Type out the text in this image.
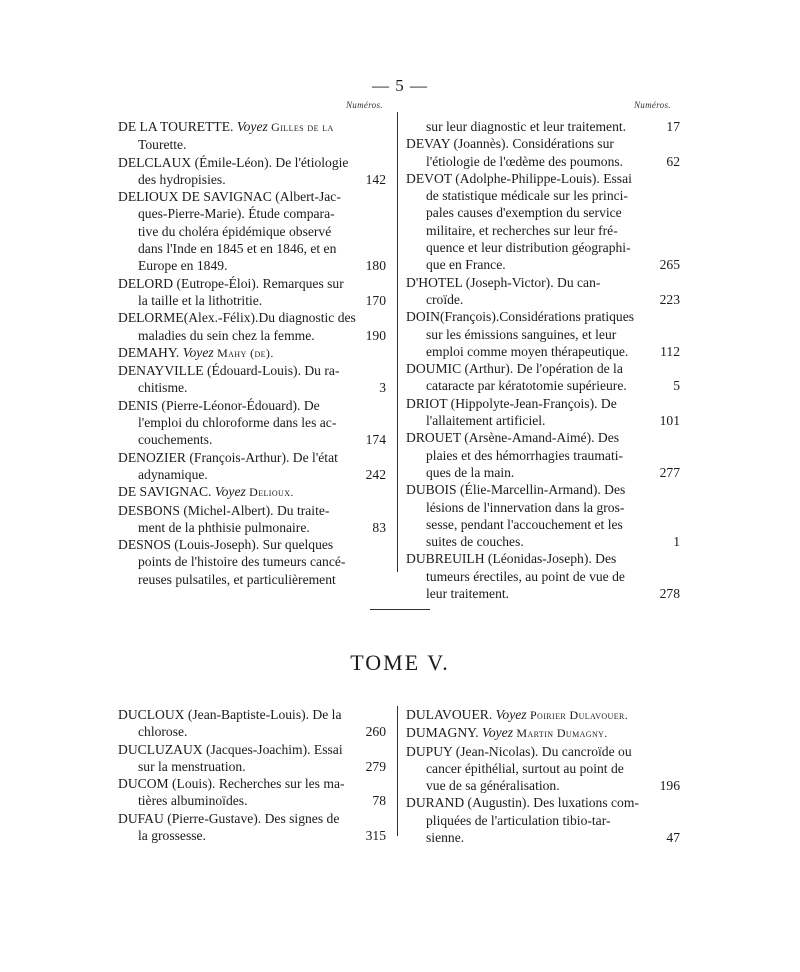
— 5 —
Numéros.	Numéros.
DE LA TOURETTE. Voyez Gilles de la
Tourette.
DELCLAUX (Émile-Léon). De l'étiologie
des hydropisies.	142
DELIOUX DE SAVIGNAC (Albert-Jac-
ques-Pierre-Marie). Étude compara-
tive du choléra épidémique observé
dans l'Inde en 1845 et en 1846, et en
Europe en 1849.	180
DELORD (Eutrope-Éloi). Remarques sur
la taille et la lithotritie.	170
DELORME(Alex.-Félix).Du diagnostic des
maladies du sein chez la femme.	190
DEMAHY. Voyez Mahy (de).
DENAYVILLE (Édouard-Louis). Du ra-
chitisme.	3
DENIS (Pierre-Léonor-Édouard). De
l'emploi du chloroforme dans les ac-
couchements.	174
DENOZIER (François-Arthur). De l'état
adynamique.	242
DE SAVIGNAC. Voyez Delioux.
DESBONS (Michel-Albert). Du traite-
ment de la phthisie pulmonaire.	83
DESNOS (Louis-Joseph). Sur quelques
points de l'histoire des tumeurs cancé-
reuses pulsatiles, et particulièrement
sur leur diagnostic et leur traitement.	17
DEVAY (Joannès). Considérations sur
l'étiologie de l'œdème des poumons.	62
DEVOT (Adolphe-Philippe-Louis). Essai
de statistique médicale sur les princi-
pales causes d'exemption du service
militaire, et recherches sur leur fré-
quence et leur distribution géographi-
que en France.	265
D'HOTEL (Joseph-Victor). Du can-
croïde.	223
DOIN(François).Considérations pratiques
sur les émissions sanguines, et leur
emploi comme moyen thérapeutique.	112
DOUMIC (Arthur). De l'opération de la
cataracte par kératotomie supérieure.	5
DRIOT (Hippolyte-Jean-François). De
l'allaitement artificiel.	101
DROUET (Arsène-Amand-Aimé). Des
plaies et des hémorrhagies traumati-
ques de la main.	277
DUBOIS (Élie-Marcellin-Armand). Des
lésions de l'innervation dans la gros-
sesse, pendant l'accouchement et les
suites de couches.	1
DUBREUILH (Léonidas-Joseph). Des
tumeurs érectiles, au point de vue de
leur traitement.	278
TOME V.
DUCLOUX (Jean-Baptiste-Louis). De la
chlorose.	260
DUCLUZAUX (Jacques-Joachim). Essai
sur la menstruation.	279
DUCOM (Louis). Recherches sur les ma-
tières albuminoïdes.	78
DUFAU (Pierre-Gustave). Des signes de
la grossesse.	315
DULAVOUER. Voyez Poirier Dulavouer.
DUMAGNY. Voyez Martin Dumagny.
DUPUY (Jean-Nicolas). Du cancroïde ou
cancer épithélial, surtout au point de
vue de sa généralisation.	196
DURAND (Augustin). Des luxations com-
pliquées de l'articulation tibio-tar-
sienne.	47
